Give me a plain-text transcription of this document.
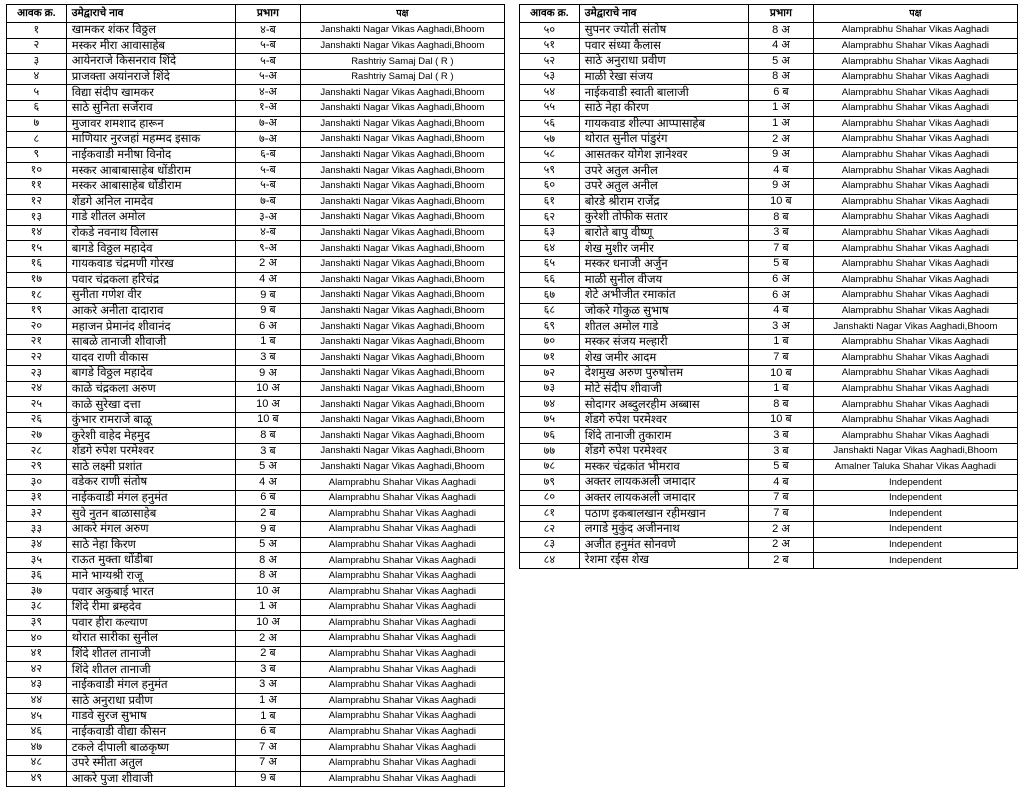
आवक क्र.	उमेद्वाराचे नाव	प्रभाग	पक्ष
१	खामकर शंकर विठ्ठल	४-ब	Janshakti Nagar Vikas Aaghadi,Bhoom
२	मस्कर मीरा आवासाहेब	५-ब	Janshakti Nagar Vikas Aaghadi,Bhoom
३	आयेनराजे किसनराव शिंदे	५-ब	Rashtriy Samaj Dal ( R )
४	प्राजक्ता अयांनराजे शिंदे	५-अ	Rashtriy Samaj Dal ( R )
५	विद्या संदीप खामकर	४-अ	Janshakti Nagar Vikas Aaghadi,Bhoom
६	साठे सुनिता सर्जेराव	१-अ	Janshakti Nagar Vikas Aaghadi,Bhoom
७	मुजावर शमशाद हारून	७-अ	Janshakti Nagar Vikas Aaghadi,Bhoom
८	माणियार नुरजहां महम्मद इसाक	७-अ	Janshakti Nagar Vikas Aaghadi,Bhoom
९	नाईकवाडी मनीषा विनोद	६-ब	Janshakti Nagar Vikas Aaghadi,Bhoom
१०	मस्कर आबाबासाहेब धोंडीराम	५-ब	Janshakti Nagar Vikas Aaghadi,Bhoom
११	मस्कर आबासाहेब धोंडीराम	५-ब	Janshakti Nagar Vikas Aaghadi,Bhoom
१२	शेंडगे अनिल नामदेव	७-ब	Janshakti Nagar Vikas Aaghadi,Bhoom
१३	गाडे शीतल अमोल	३-अ	Janshakti Nagar Vikas Aaghadi,Bhoom
१४	रोकडे नवनाथ विलास	४-ब	Janshakti Nagar Vikas Aaghadi,Bhoom
१५	बागडे विठ्ठल महादेव	९-अ	Janshakti Nagar Vikas Aaghadi,Bhoom
१६	गायकवाड चंद्रमणी गोरख	2 अ	Janshakti Nagar Vikas Aaghadi,Bhoom
१७	पवार चंद्रकला हरिचंद्र	4 अ	Janshakti Nagar Vikas Aaghadi,Bhoom
१८	सुनीता गणेश वीर	9 ब	Janshakti Nagar Vikas Aaghadi,Bhoom
१९	आकरे अनीता दादाराव	9 ब	Janshakti Nagar Vikas Aaghadi,Bhoom
२०	महाजन प्रेमानंद शीवानंद	6 अ	Janshakti Nagar Vikas Aaghadi,Bhoom
२१	साबळे तानाजी शीवाजी	1 ब	Janshakti Nagar Vikas Aaghadi,Bhoom
२२	यादव राणी वीकास	3 ब	Janshakti Nagar Vikas Aaghadi,Bhoom
२३	बागडे विठ्ठल महादेव	9 अ	Janshakti Nagar Vikas Aaghadi,Bhoom
२४	काळे चंद्रकला अरुण	10 अ	Janshakti Nagar Vikas Aaghadi,Bhoom
२५	काळे सुरेखा दत्ता	10 अ	Janshakti Nagar Vikas Aaghadi,Bhoom
२६	कुंभार रामराजे बाळू	10 ब	Janshakti Nagar Vikas Aaghadi,Bhoom
२७	कुरेशी वाहेद मेहमुद	8 ब	Janshakti Nagar Vikas Aaghadi,Bhoom
२८	शेंडगे रुपेश परमेश्वर	3 ब	Janshakti Nagar Vikas Aaghadi,Bhoom
२९	साठे लक्ष्मी प्रशांत	5 अ	Janshakti Nagar Vikas Aaghadi,Bhoom
३०	वडेकर राणी संतोष	4 अ	Alamprabhu Shahar Vikas Aaghadi
३१	नाईकवाडी मंगल हनुमंत	6 ब	Alamprabhu Shahar Vikas Aaghadi
३२	सुवे नुतन बाळासाहेब	2 ब	Alamprabhu Shahar Vikas Aaghadi
३३	आकरे मंगल अरुण	9 ब	Alamprabhu Shahar Vikas Aaghadi
३४	साठे नेहा किरण	5 अ	Alamprabhu Shahar Vikas Aaghadi
३५	राऊत मुक्ता धोंडीबा	8 अ	Alamprabhu Shahar Vikas Aaghadi
३६	माने भाग्यश्री राजू	8 अ	Alamprabhu Shahar Vikas Aaghadi
३७	पवार अकुबाई भारत	10 अ	Alamprabhu Shahar Vikas Aaghadi
३८	शिंदे रीमा ब्रम्हदेव	1 अ	Alamprabhu Shahar Vikas Aaghadi
३९	पवार हीरा कल्याण	10 अ	Alamprabhu Shahar Vikas Aaghadi
४०	थोरात सारीका सुनील	2 अ	Alamprabhu Shahar Vikas Aaghadi
४१	शिंदे शीतल तानाजी	2 ब	Alamprabhu Shahar Vikas Aaghadi
४२	शिंदे शीतल तानाजी	3 ब	Alamprabhu Shahar Vikas Aaghadi
४३	नाईकवाडी मंगल हनुमंत	3 अ	Alamprabhu Shahar Vikas Aaghadi
४४	साठे अनुराधा प्रवीण	1 अ	Alamprabhu Shahar Vikas Aaghadi
४५	गाडवे सुरज सुभाष	1 ब	Alamprabhu Shahar Vikas Aaghadi
४६	नाईकवाडी वीद्या कीसन	6 ब	Alamprabhu Shahar Vikas Aaghadi
४७	टकले दीपाली बाळकृष्ण	7 अ	Alamprabhu Shahar Vikas Aaghadi
४८	उपरे स्मीता अतुल	7 अ	Alamprabhu Shahar Vikas Aaghadi
४९	आकरे पुजा शीवाजी	9 ब	Alamprabhu Shahar Vikas Aaghadi
आवक क्र.	उमेद्वाराचे नाव	प्रभाग	पक्ष
५०	सुपनर ज्योती संतोष	8 अ	Alamprabhu Shahar Vikas Aaghadi
५१	पवार संध्या कैलास	4 अ	Alamprabhu Shahar Vikas Aaghadi
५२	साठे अनुराधा प्रवीण	5 अ	Alamprabhu Shahar Vikas Aaghadi
५३	माळी रेखा संजय	8 अ	Alamprabhu Shahar Vikas Aaghadi
५४	नाईकवाडी स्वाती बालाजी	6 ब	Alamprabhu Shahar Vikas Aaghadi
५५	साठे नेहा कीरण	1 अ	Alamprabhu Shahar Vikas Aaghadi
५६	गायकवाड शील्पा आप्पासाहेब	1 अ	Alamprabhu Shahar Vikas Aaghadi
५७	थोरात सुनील पांडुरंग	2 अ	Alamprabhu Shahar Vikas Aaghadi
५८	आसतकर योगेश ज्ञानेश्वर	9 अ	Alamprabhu Shahar Vikas Aaghadi
५९	उपरे अतुल अनील	4 ब	Alamprabhu Shahar Vikas Aaghadi
६०	उपरे अतुल अनील	9 अ	Alamprabhu Shahar Vikas Aaghadi
६१	बोरडे श्रीराम राजेंद्र	10 ब	Alamprabhu Shahar Vikas Aaghadi
६२	कुरेशी तोफीक सतार	8 ब	Alamprabhu Shahar Vikas Aaghadi
६३	बारोते बापु वीष्णू	3 ब	Alamprabhu Shahar Vikas Aaghadi
६४	शेख मुशीर जमीर	7 ब	Alamprabhu Shahar Vikas Aaghadi
६५	मस्कर धनाजी अर्जुन	5 ब	Alamprabhu Shahar Vikas Aaghadi
६६	माळी सुनील वीजय	6 अ	Alamprabhu Shahar Vikas Aaghadi
६७	शेटे अभीजीत रमाकांत	6 अ	Alamprabhu Shahar Vikas Aaghadi
६८	जोकरे गोकुळ सुभाष	4 ब	Alamprabhu Shahar Vikas Aaghadi
६९	शीतल अमोल गाडे	3 अ	Janshakti Nagar Vikas Aaghadi,Bhoom
७०	मस्कर संजय मल्हारी	1 ब	Alamprabhu Shahar Vikas Aaghadi
७१	शेख जमीर आदम	7 ब	Alamprabhu Shahar Vikas Aaghadi
७२	देशमुख अरुण पुरुषोत्तम	10 ब	Alamprabhu Shahar Vikas Aaghadi
७३	मोटे संदीप शीवाजी	1 ब	Alamprabhu Shahar Vikas Aaghadi
७४	सोदागर अब्दुलरहीम अब्बास	8 ब	Alamprabhu Shahar Vikas Aaghadi
७५	शेंडगे रुपेश परमेश्वर	10 ब	Alamprabhu Shahar Vikas Aaghadi
७६	शिंदे तानाजी तुकाराम	3 ब	Alamprabhu Shahar Vikas Aaghadi
७७	शेंडगे रुपेश परमेश्वर	3 ब	Janshakti Nagar Vikas Aaghadi,Bhoom
७८	मस्कर चंद्रकांत भीमराव	5 ब	Amalner Taluka Shahar Vikas Aaghadi
७९	अक्तर लायकअली जमादार	4 ब	Independent
८०	अक्तर लायकअली जमादार	7 ब	Independent
८१	पठाण इकबालखान रहीमखान	7 ब	Independent
८२	लगाडे मुकुंद अजीननाथ	2 अ	Independent
८३	अजीत हनुमंत सोनवणे	2 अ	Independent
८४	रेशमा रईस शेख	2 ब	Independent
